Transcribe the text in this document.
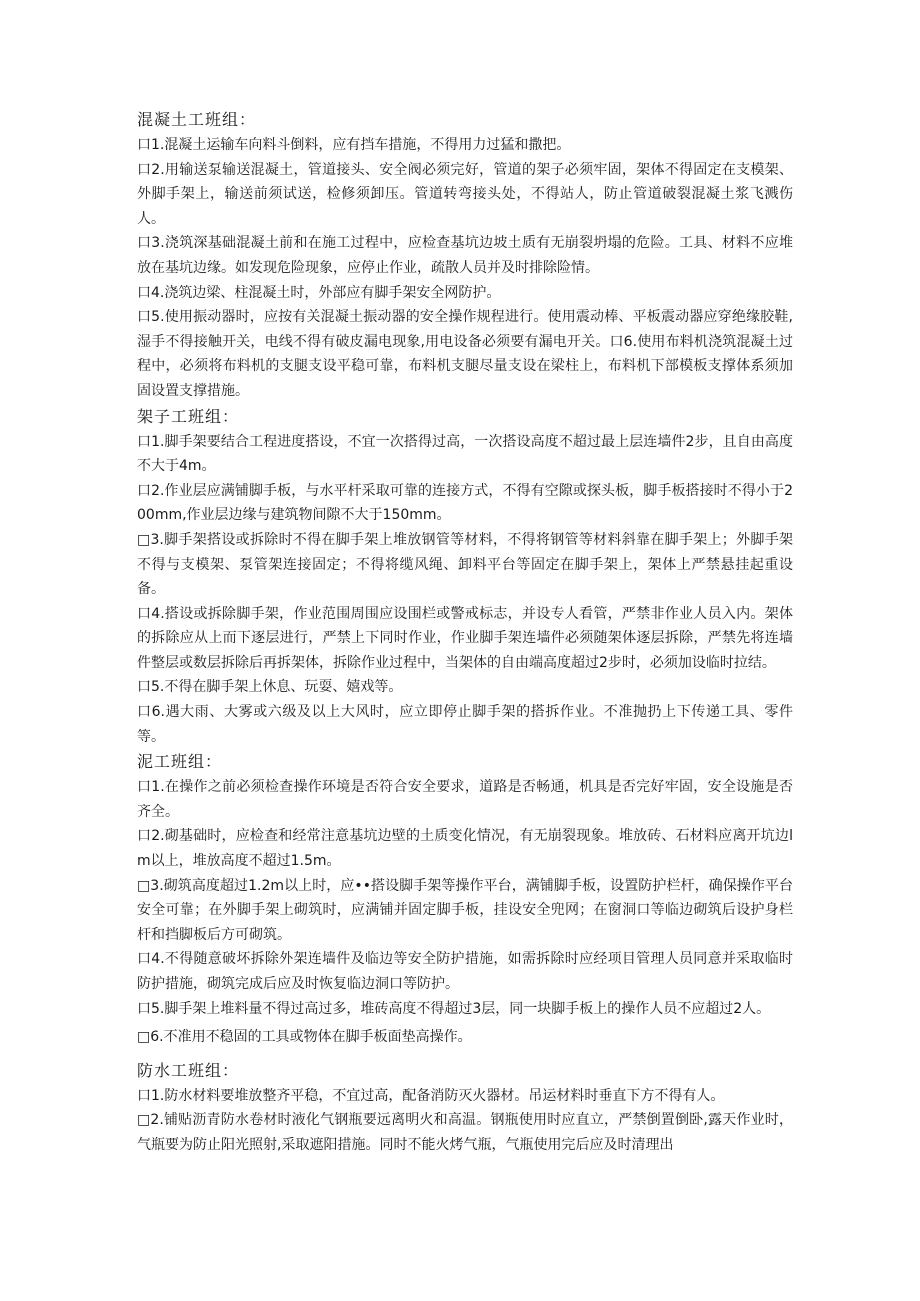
混凝土工班组：

口1.混凝土运输车向料斗倒料，应有挡车措施，不得用力过猛和撒把。

口2.用输送泵输送混凝土，管道接头、安全阀必须完好，管道的架子必须牢固，架体不得固定在支模架、外脚手架上，输送前须试送，检修须卸压。管道转弯接头处，不得站人，防止管道破裂混凝土浆飞溅伤人。

口3.浇筑深基础混凝土前和在施工过程中，应检查基坑边坡土质有无崩裂坍塌的危险。工具、材料不应堆放在基坑边缘。如发现危险现象，应停止作业，疏散人员并及时排除险情。

口4.浇筑边梁、柱混凝土时，外部应有脚手架安全网防护。

口5.使用振动器时，应按有关混凝土振动器的安全操作规程进行。使用震动棒、平板震动器应穿绝缘胶鞋,湿手不得接触开关，电线不得有破皮漏电现象,用电设备必须要有漏电开关。口6.使用布料机浇筑混凝土过程中，必须将布料机的支腿支设平稳可靠，布料机支腿尽量支设在梁柱上，布料机下部模板支撑体系须加固设置支撑措施。

架子工班组：

口1.脚手架要结合工程进度搭设，不宜一次搭得过高，一次搭设高度不超过最上层连墙件2步，且自由高度不大于4m。

口2.作业层应满铺脚手板，与水平杆采取可靠的连接方式，不得有空隙或探头板，脚手板搭接时不得小于200mm,作业层边缘与建筑物间隙不大于150mm。

□3.脚手架搭设或拆除时不得在脚手架上堆放钢管等材料，不得将钢管等材料斜靠在脚手架上；外脚手架不得与支模架、泵管架连接固定；不得将缆风绳、卸料平台等固定在脚手架上，架体上严禁悬挂起重设备。

口4.搭设或拆除脚手架，作业范围周围应设围栏或警戒标志，并设专人看管，严禁非作业人员入内。架体的拆除应从上而下逐层进行，严禁上下同时作业，作业脚手架连墙件必须随架体逐层拆除，严禁先将连墙件整层或数层拆除后再拆架体，拆除作业过程中，当架体的自由端高度超过2步时，必须加设临时拉结。

口5.不得在脚手架上休息、玩耍、嬉戏等。

口6.遇大雨、大雾或六级及以上大风时，应立即停止脚手架的搭拆作业。不准抛扔上下传递工具、零件等。

泥工班组：

口1.在操作之前必须检查操作环境是否符合安全要求，道路是否畅通，机具是否完好牢固，安全设施是否齐全。

口2.砌基础时，应检查和经常注意基坑边壁的土质变化情况，有无崩裂现象。堆放砖、石材料应离开坑边lm以上，堆放高度不超过1.5m。

□3.砌筑高度超过1.2m以上时，应••搭设脚手架等操作平台，满铺脚手板，设置防护栏杆，确保操作平台安全可靠；在外脚手架上砌筑时，应满铺并固定脚手板，挂设安全兜网；在窗洞口等临边砌筑后设护身栏杆和挡脚板后方可砌筑。

口4.不得随意破坏拆除外架连墙件及临边等安全防护措施，如需拆除时应经项目管理人员同意并采取临时防护措施，砌筑完成后应及时恢复临边洞口等防护。

口5.脚手架上堆料量不得过高过多，堆砖高度不得超过3层，同一块脚手板上的操作人员不应超过2人。

□6.不准用不稳固的工具或物体在脚手板面垫高操作。

防水工班组：

口1.防水材料要堆放整齐平稳，不宜过高，配备消防灭火器材。吊运材料时垂直下方不得有人。

□2.铺贴沥青防水卷材时液化气钢瓶要远离明火和高温。钢瓶使用时应直立，严禁倒置倒卧,露天作业时，气瓶要为防止阳光照射,采取遮阳措施。同时不能火烤气瓶，气瓶使用完后应及时清理出
